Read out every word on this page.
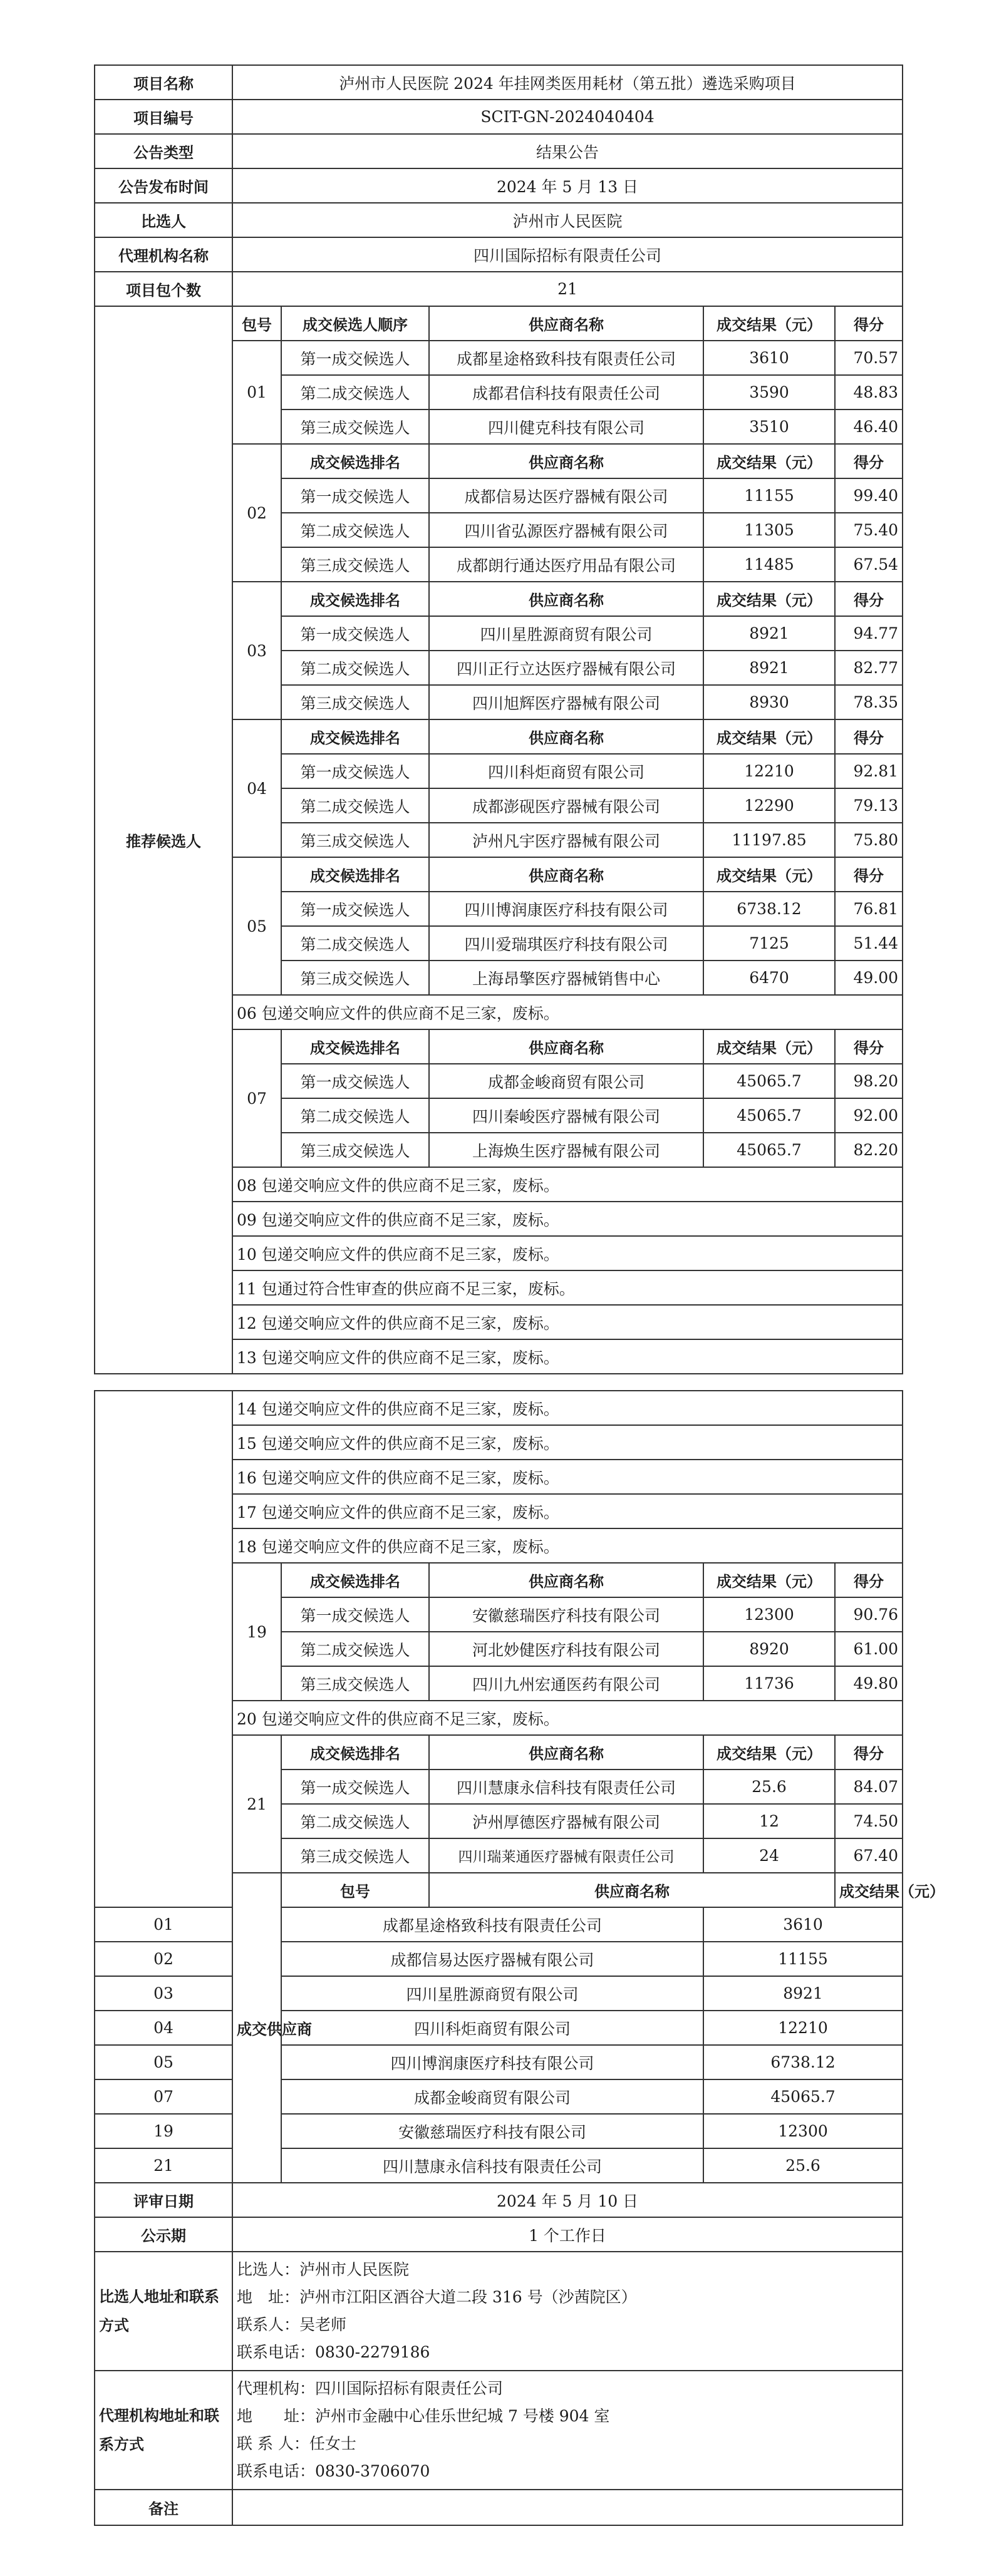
项目名称	泸州市人民医院 2024 年挂网类医用耗材（第五批）遴选采购项目				
项目编号	SCIT-GN-2024040404				
公告类型	结果公告				
公告发布时间	2024 年 5 月 13 日				
比选人	泸州市人民医院				
代理机构名称	四川国际招标有限责任公司				
项目包个数	21				
推荐候选人	包号	成交候选人顺序	供应商名称	成交结果（元）	得分
	01	第一成交候选人	成都星途格致科技有限责任公司	3610	70.57
		第二成交候选人	成都君信科技有限责任公司	3590	48.83
		第三成交候选人	四川健克科技有限公司	3510	46.40
	02	成交候选排名	供应商名称	成交结果（元）	得分
		第一成交候选人	成都信易达医疗器械有限公司	11155	99.40
		第二成交候选人	四川省弘源医疗器械有限公司	11305	75.40
		第三成交候选人	成都朗行通达医疗用品有限公司	11485	67.54
	03	成交候选排名	供应商名称	成交结果（元）	得分
		第一成交候选人	四川星胜源商贸有限公司	8921	94.77
		第二成交候选人	四川正行立达医疗器械有限公司	8921	82.77
		第三成交候选人	四川旭辉医疗器械有限公司	8930	78.35
	04	成交候选排名	供应商名称	成交结果（元）	得分
		第一成交候选人	四川科炬商贸有限公司	12210	92.81
		第二成交候选人	成都澎砚医疗器械有限公司	12290	79.13
		第三成交候选人	泸州凡宇医疗器械有限公司	11197.85	75.80
	05	成交候选排名	供应商名称	成交结果（元）	得分
		第一成交候选人	四川博润康医疗科技有限公司	6738.12	76.81
		第二成交候选人	四川爱瑞琪医疗科技有限公司	7125	51.44
		第三成交候选人	上海昂擎医疗器械销售中心	6470	49.00
	06 包递交响应文件的供应商不足三家，废标。				
	07	成交候选排名	供应商名称	成交结果（元）	得分
		第一成交候选人	成都金峻商贸有限公司	45065.7	98.20
		第二成交候选人	四川秦峻医疗器械有限公司	45065.7	92.00
		第三成交候选人	上海焕生医疗器械有限公司	45065.7	82.20
	08 包递交响应文件的供应商不足三家，废标。				
	09 包递交响应文件的供应商不足三家，废标。				
	10 包递交响应文件的供应商不足三家，废标。				
	11 包通过符合性审查的供应商不足三家，废标。				
	12 包递交响应文件的供应商不足三家，废标。				
	13 包递交响应文件的供应商不足三家，废标。				
	14 包递交响应文件的供应商不足三家，废标。				
	15 包递交响应文件的供应商不足三家，废标。				
	16 包递交响应文件的供应商不足三家，废标。				
	17 包递交响应文件的供应商不足三家，废标。				
	18 包递交响应文件的供应商不足三家，废标。				
	19	成交候选排名	供应商名称	成交结果（元）	得分
		第一成交候选人	安徽慈瑞医疗科技有限公司	12300	90.76
		第二成交候选人	河北妙健医疗科技有限公司	8920	61.00
		第三成交候选人	四川九州宏通医药有限公司	11736	49.80
	20 包递交响应文件的供应商不足三家，废标。				
	21	成交候选排名	供应商名称	成交结果（元）	得分
		第一成交候选人	四川慧康永信科技有限责任公司	25.6	84.07
		第二成交候选人	泸州厚德医疗器械有限公司	12	74.50
		第三成交候选人	四川瑞莱通医疗器械有限责任公司	24	67.40
	成交供应商	包号	供应商名称		成交结果（元）
01		成都星途格致科技有限责任公司		3610	
02		成都信易达医疗器械有限公司		11155	
03		四川星胜源商贸有限公司		8921	
04		四川科炬商贸有限公司		12210	
05		四川博润康医疗科技有限公司		6738.12	
07		成都金峻商贸有限公司		45065.7	
19		安徽慈瑞医疗科技有限公司		12300	
21		四川慧康永信科技有限责任公司		25.6	
评审日期	2024 年 5 月 10 日				
公示期	1 个工作日				
比选人地址和联系方式	比选人：泸州市人民医院
地　址：泸州市江阳区酒谷大道二段 316 号（沙茜院区）
联系人：吴老师
联系电话：0830-2279186				

代理机构地址和联系方式	代理机构：四川国际招标有限责任公司
地　　址：泸州市金融中心佳乐世纪城 7 号楼 904 室
联 系 人：任女士
联系电话：0830-3706070				

备注					
